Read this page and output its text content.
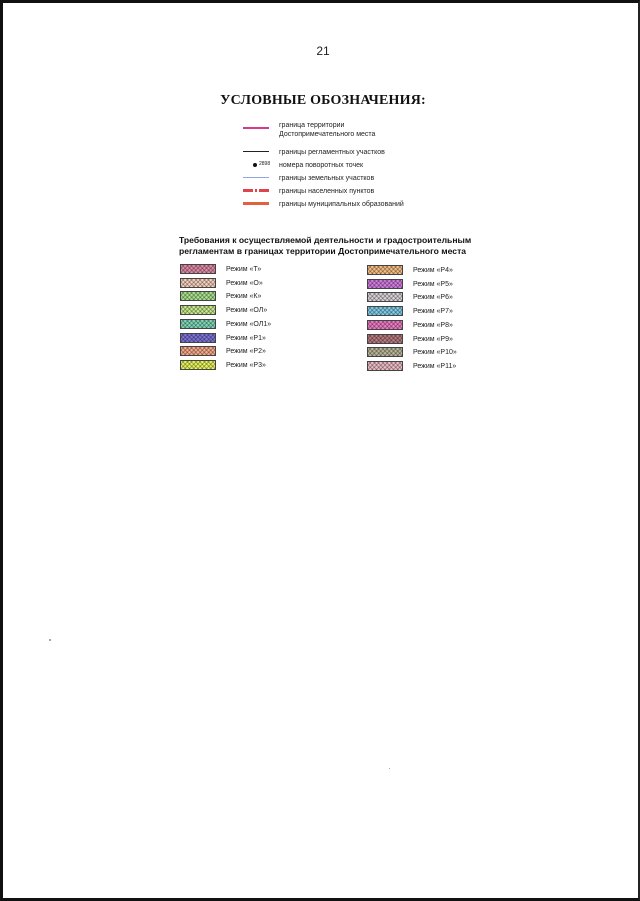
21
УСЛОВНЫЕ ОБОЗНАЧЕНИЯ:
граница территории
Достопримечательного места
границы регламентных участков
2898 номера поворотных точек
границы земельных участков
границы населенных пунктов
границы муниципальных образований
Требования к осуществляемой деятельности и градостроительным регламентам в границах территории Достопримечательного места
Режим «Т»
Режим «О»
Режим «К»
Режим «ОЛ»
Режим «ОЛ1»
Режим «Р1»
Режим «Р2»
Режим «Р3»
Режим «Р4»
Режим «Р5»
Режим «Р6»
Режим «Р7»
Режим «Р8»
Режим «Р9»
Режим «Р10»
Режим «Р11»
